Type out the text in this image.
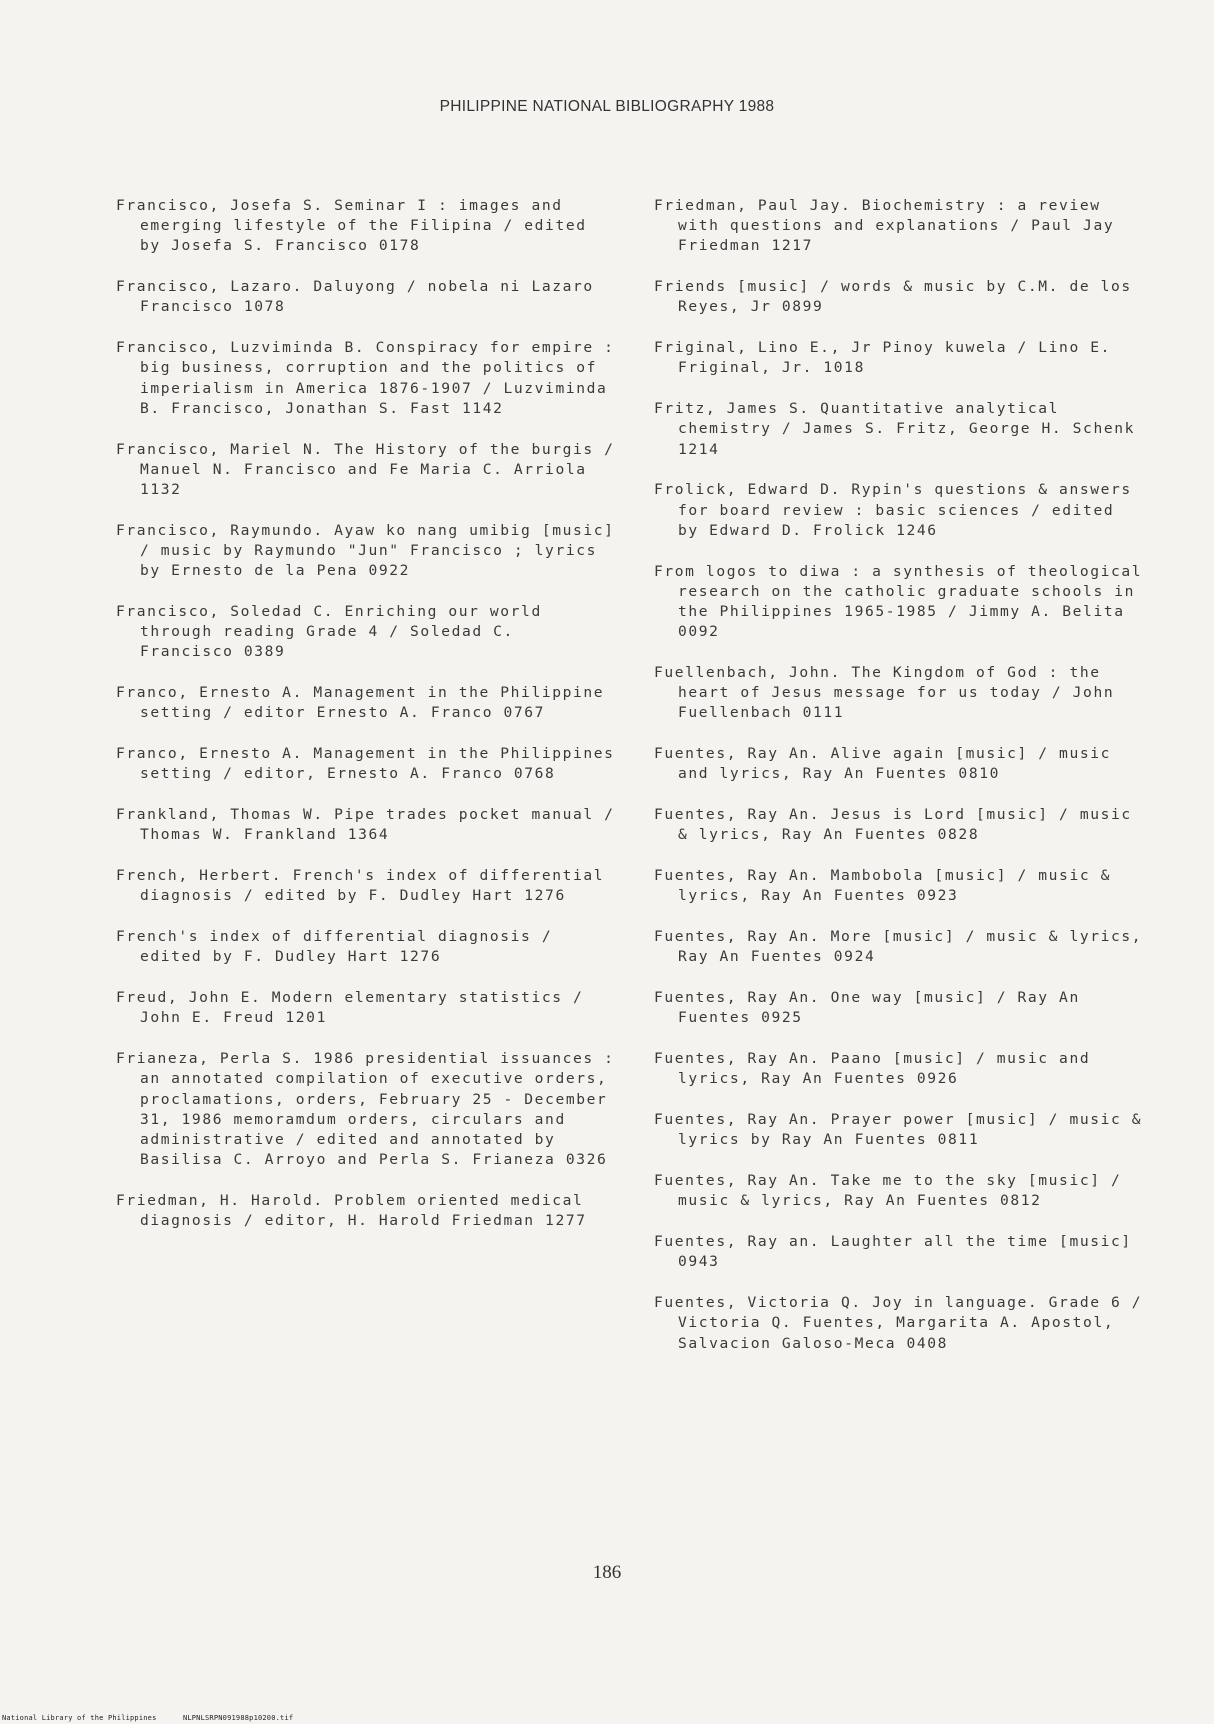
PHILIPPINE NATIONAL BIBLIOGRAPHY 1988

Francisco, Josefa S. Seminar I : images and emerging lifestyle of the Filipina / edited by Josefa S. Francisco 0178

Francisco, Lazaro. Daluyong / nobela ni Lazaro Francisco 1078

Francisco, Luzviminda B. Conspiracy for empire : big business, corruption and the politics of imperialism in America 1876-1907 / Luzviminda B. Francisco, Jonathan S. Fast 1142

Francisco, Mariel N. The History of the burgis / Manuel N. Francisco and Fe Maria C. Arriola 1132

Francisco, Raymundo. Ayaw ko nang umibig [music] / music by Raymundo "Jun" Francisco ; lyrics by Ernesto de la Pena 0922

Francisco, Soledad C. Enriching our world through reading Grade 4 / Soledad C. Francisco 0389

Franco, Ernesto A. Management in the Philippine setting / editor Ernesto A. Franco 0767

Franco, Ernesto A. Management in the Philippines setting / editor, Ernesto A. Franco 0768

Frankland, Thomas W. Pipe trades pocket manual / Thomas W. Frankland 1364

French, Herbert. French's index of differential diagnosis / edited by F. Dudley Hart 1276

French's index of differential diagnosis / edited by F. Dudley Hart 1276

Freud, John E. Modern elementary statistics / John E. Freud 1201

Frianeza, Perla S. 1986 presidential issuances : an annotated compilation of executive orders, proclamations, orders, February 25 - December 31, 1986 memoramdum orders, circulars and administrative / edited and annotated by Basilisa C. Arroyo and Perla S. Frianeza 0326

Friedman, H. Harold. Problem oriented medical diagnosis / editor, H. Harold Friedman 1277

Friedman, Paul Jay. Biochemistry : a review with questions and explanations / Paul Jay Friedman 1217

Friends [music] / words & music by C.M. de los Reyes, Jr 0899

Friginal, Lino E., Jr Pinoy kuwela / Lino E. Friginal, Jr. 1018

Fritz, James S. Quantitative analytical chemistry / James S. Fritz, George H. Schenk 1214

Frolick, Edward D. Rypin's questions & answers for board review : basic sciences / edited by Edward D. Frolick 1246

From logos to diwa : a synthesis of theological research on the catholic graduate schools in the Philippines 1965-1985 / Jimmy A. Belita 0092

Fuellenbach, John. The Kingdom of God : the heart of Jesus message for us today / John Fuellenbach 0111

Fuentes, Ray An. Alive again [music] / music and lyrics, Ray An Fuentes 0810

Fuentes, Ray An. Jesus is Lord [music] / music & lyrics, Ray An Fuentes 0828

Fuentes, Ray An. Mambobola [music] / music & lyrics, Ray An Fuentes 0923

Fuentes, Ray An. More [music] / music & lyrics, Ray An Fuentes 0924

Fuentes, Ray An. One way [music] / Ray An Fuentes 0925

Fuentes, Ray An. Paano [music] / music and lyrics, Ray An Fuentes 0926

Fuentes, Ray An. Prayer power [music] / music & lyrics by Ray An Fuentes 0811

Fuentes, Ray An. Take me to the sky [music] / music & lyrics, Ray An Fuentes 0812

Fuentes, Ray an. Laughter all the time [music] 0943

Fuentes, Victoria Q. Joy in language. Grade 6 / Victoria Q. Fuentes, Margarita A. Apostol, Salvacion Galoso-Meca 0408

186
National Library of the Philippines	NLPNLSRPN091988p10200.tif
